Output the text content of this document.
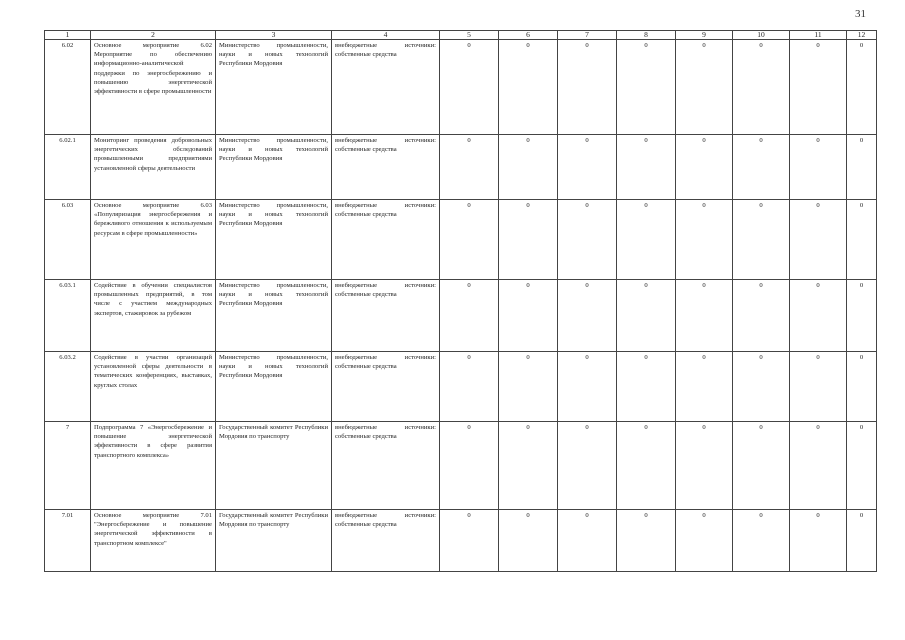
31
1	2	3	4	5	6	7	8	9	10	11	12
6.02	Основное мероприятие 6.02 Мероприятие по обеспечению информационно-аналитической поддержки по энергосбережению и повышению энергетической эффективности в сфере промышленности	Министерство промышленности, науки и новых технологий Республики Мордовия	внебюджетные источники: собственные средства	0	0	0	0	0	0	0	0
6.02.1	Мониторинг проведения добровольных энергетических обследований промышленными предприятиями установленной сферы деятельности	Министерство промышленности, науки и новых технологий Республики Мордовия	внебюджетные источники: собственные средства	0	0	0	0	0	0	0	0
6.03	Основное мероприятие 6.03 «Популяризация энергосбережения и бережливого отношения к используемым ресурсам в сфере промышленности»	Министерство промышленности, науки и новых технологий Республики Мордовия	внебюджетные источники: собственные средства	0	0	0	0	0	0	0	0
6.03.1	Содействие в обучении специалистов промышленных предприятий, в том числе с участием международных экспертов, стажировок за рубежом	Министерство промышленности, науки и новых технологий Республики Мордовия	внебюджетные источники: собственные средства	0	0	0	0	0	0	0	0
6.03.2	Содействие в участии организаций установленной сферы деятельности в тематических конференциях, выставках, круглых столах	Министерство промышленности, науки и новых технологий Республики Мордовия	внебюджетные источники: собственные средства	0	0	0	0	0	0	0	0
7	Подпрограмма 7 «Энергосбережение и повышение энергетической эффективности в сфере развития транспортного комплекса»	Государственный комитет Республики Мордовия по транспорту	внебюджетные источники: собственные средства	0	0	0	0	0	0	0	0
7.01	Основное мероприятие 7.01 "Энергосбережение и повышение энергетической эффективности в транспортном комплексе"	Государственный комитет Республики Мордовия по транспорту	внебюджетные источники: собственные средства	0	0	0	0	0	0	0	0
